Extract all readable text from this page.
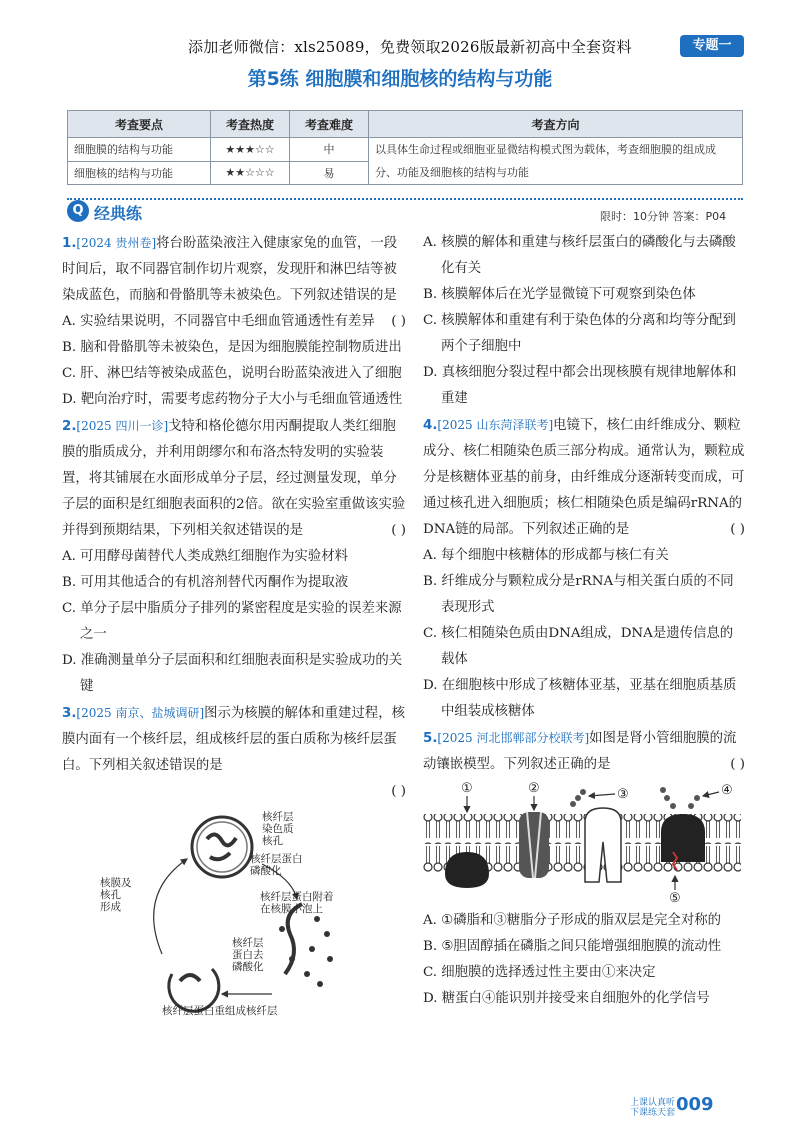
添加老师微信：xls25089，免费领取2026版最新初高中全套资料	专题一
第5练 细胞膜和细胞核的结构与功能
考查要点	考查热度	考查难度	考查方向
细胞膜的结构与功能	★★★☆☆	中	以具体生命过程或细胞亚显微结构模式图为载体，考查细胞膜的组成成分、功能及细胞核的结构与功能
细胞核的结构与功能	★★☆☆☆	易	
Q 经典练	限时：10分钟 答案：P04
1.[2024 贵州卷]将台盼蓝染液注入健康家兔的血管，一段时间后，取不同器官制作切片观察，发现肝和淋巴结等被染成蓝色，而脑和骨骼肌等未被染色。下列叙述错误的是
( )
A. 实验结果说明，不同器官中毛细血管通透性有差异
B. 脑和骨骼肌等未被染色，是因为细胞膜能控制物质进出
C. 肝、淋巴结等被染成蓝色，说明台盼蓝染液进入了细胞
D. 靶向治疗时，需要考虑药物分子大小与毛细血管通透性
2.[2025 四川一诊]戈特和格伦德尔用丙酮提取人类红细胞膜的脂质成分，并利用朗缪尔和布洛杰特发明的实验装置，将其铺展在水面形成单分子层，经过测量发现，单分子层的面积是红细胞表面积的2倍。欲在实验室重做该实验并得到预期结果，下列相关叙述错误的是	( )
A. 可用酵母菌替代人类成熟红细胞作为实验材料
B. 可用其他适合的有机溶剂替代丙酮作为提取液
C. 单分子层中脂质分子排列的紧密程度是实验的误差来源之一
D. 准确测量单分子层面积和红细胞表面积是实验成功的关键
3.[2025 南京、盐城调研]图示为核膜的解体和重建过程，核膜内面有一个核纤层，组成核纤层的蛋白质称为核纤层蛋白。下列相关叙述错误的是
( )
核纤层
染色质
核孔
核纤层蛋白
磷酸化
核纤层蛋白附着
在核膜小泡上
核膜及
核孔
形成
核纤层
蛋白去
磷酸化
核纤层蛋白重组成核纤层
A. 核膜的解体和重建与核纤层蛋白的磷酸化与去磷酸化有关
B. 核膜解体后在光学显微镜下可观察到染色体
C. 核膜解体和重建有利于染色体的分离和均等分配到两个子细胞中
D. 真核细胞分裂过程中都会出现核膜有规律地解体和重建
4.[2025 山东菏泽联考]电镜下，核仁由纤维成分、颗粒成分、核仁相随染色质三部分构成。通常认为，颗粒成分是核糖体亚基的前身，由纤维成分逐渐转变而成，可通过核孔进入细胞质；核仁相随染色质是编码rRNA的DNA链的局部。下列叙述正确的是	( )
A. 每个细胞中核糖体的形成都与核仁有关
B. 纤维成分与颗粒成分是rRNA与相关蛋白质的不同表现形式
C. 核仁相随染色质由DNA组成，DNA是遗传信息的载体
D. 在细胞核中形成了核糖体亚基，亚基在细胞质基质中组装成核糖体
5.[2025 河北邯郸部分校联考]如图是肾小管细胞膜的流动镶嵌模型。下列叙述正确的是	( )
①	②	③	④
⑤
A. ①磷脂和③糖脂分子形成的脂双层是完全对称的
B. ⑤胆固醇插在磷脂之间只能增强细胞膜的流动性
C. 细胞膜的选择透过性主要由①来决定
D. 糖蛋白④能识别并接受来自细胞外的化学信号
上课认真听
下课练天套 009
